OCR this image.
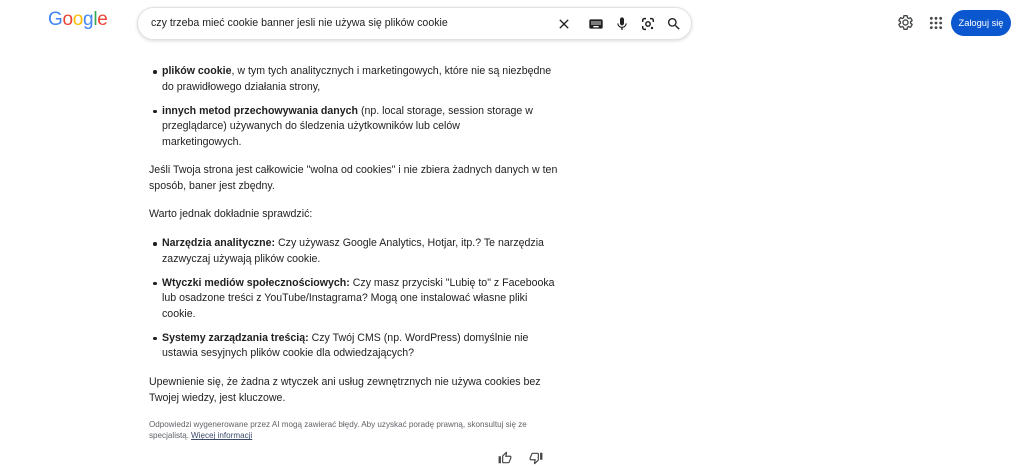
Google	czy trzeba mieć cookie banner jesli nie używa się plików cookie	Zaloguj się
plików cookie, w tym tych analitycznych i marketingowych, które nie są niezbędne
do prawidłowego działania strony,
innych metod przechowywania danych (np. local storage, session storage w
przeglądarce) używanych do śledzenia użytkowników lub celów
marketingowych.
Jeśli Twoja strona jest całkowicie "wolna od cookies" i nie zbiera żadnych danych w ten
sposób, baner jest zbędny.
Warto jednak dokładnie sprawdzić:
Narzędzia analityczne: Czy używasz Google Analytics, Hotjar, itp.? Te narzędzia
zazwyczaj używają plików cookie.
Wtyczki mediów społecznościowych: Czy masz przyciski "Lubię to" z Facebooka
lub osadzone treści z YouTube/Instagrama? Mogą one instalować własne pliki
cookie.
Systemy zarządzania treścią: Czy Twój CMS (np. WordPress) domyślnie nie
ustawia sesyjnych plików cookie dla odwiedzających?
Upewnienie się, że żadna z wtyczek ani usług zewnętrznych nie używa cookies bez
Twojej wiedzy, jest kluczowe.
Odpowiedzi wygenerowane przez AI mogą zawierać błędy. Aby uzyskać poradę prawną, skonsultuj się ze
specjalistą. Więcej informacji
